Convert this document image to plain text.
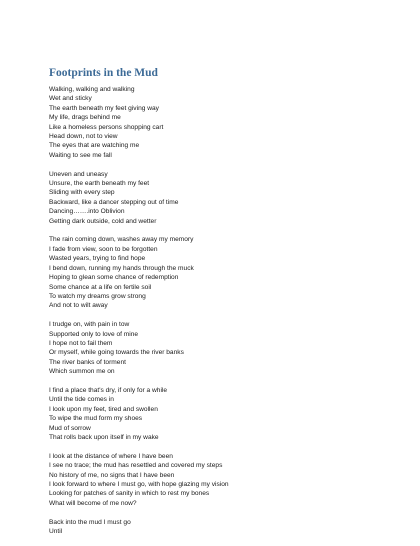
Footprints in the Mud
Walking, walking and walking
Wet and sticky
The earth beneath my feet giving way
My life, drags behind me
Like a homeless persons shopping cart
Head down, not to view
The eyes that are watching me
Waiting to see me fall
Uneven and uneasy
Unsure, the earth beneath my feet
Sliding with every step
Backward, like a dancer stepping out of time
Dancing…….into Oblivion
Getting dark outside, cold and wetter
The rain coming down, washes away my memory
I fade from view, soon to be forgotten
Wasted years, trying to find hope
I bend down, running my hands through the muck
Hoping to glean some chance of redemption
Some chance at a life on fertile soil
To watch my dreams grow strong
And not to wilt away
I trudge on, with pain in tow
Supported only to love of mine
I hope not to fail them
Or myself, while going towards the river banks
The river banks of torment
Which summon me on
I find a place that's dry, if only for a while
Until the tide comes in
I look upon my feet, tired and swollen
To wipe the mud form my shoes
Mud of sorrow
That rolls back upon itself in my wake
I look at the distance of where I have been
I see no trace; the mud has resettled and covered my steps
No history of me, no signs that I have been
I look forward to where I must go, with hope glazing my vision
Looking for patches of sanity in which to rest my bones
What will become of me now?
Back into the mud I must go
Until
